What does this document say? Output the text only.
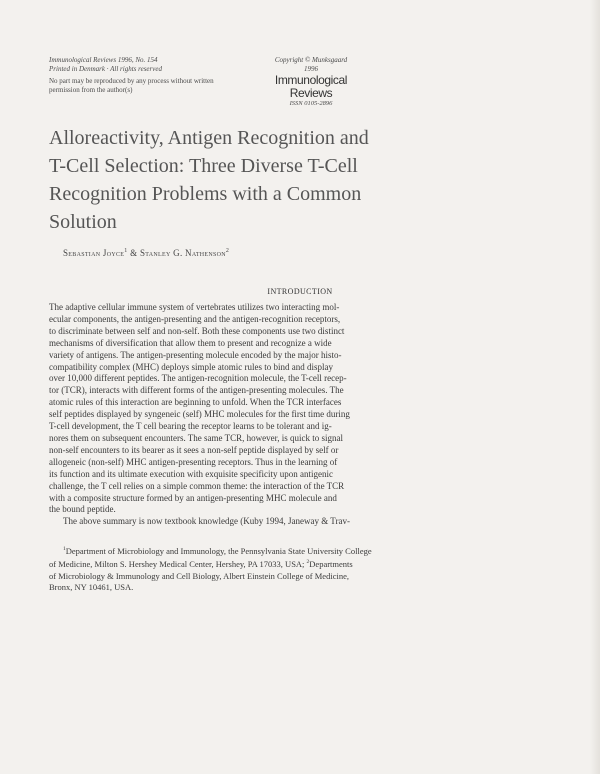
Immunological Reviews 1996, No. 154
Printed in Denmark · All rights reserved
No part may be reproduced by any process without written
permission from the author(s)
Copyright © Munksgaard 1996
Immunological Reviews
ISSN 0105-2896
Alloreactivity, Antigen Recognition and
T-Cell Selection: Three Diverse T-Cell
Recognition Problems with a Common
Solution
Sebastian Joyce$^1$ & Stanley G. Nathenson$^2$
INTRODUCTION

The adaptive cellular immune system of vertebrates utilizes two interacting mol-
ecular components, the antigen-presenting and the antigen-recognition receptors,
to discriminate between self and non-self. Both these components use two distinct
mechanisms of diversification that allow them to present and recognize a wide
variety of antigens. The antigen-presenting molecule encoded by the major histo-
compatibility complex (MHC) deploys simple atomic rules to bind and display
over 10,000 different peptides. The antigen-recognition molecule, the T-cell recep-
tor (TCR), interacts with different forms of the antigen-presenting molecules. The
atomic rules of this interaction are beginning to unfold. When the TCR interfaces
self peptides displayed by syngeneic (self) MHC molecules for the first time during
T-cell development, the T cell bearing the receptor learns to be tolerant and ig-
nores them on subsequent encounters. The same TCR, however, is quick to signal
non-self encounters to its bearer as it sees a non-self peptide displayed by self or
allogeneic (non-self) MHC antigen-presenting receptors. Thus in the learning of
its function and its ultimate execution with exquisite specificity upon antigenic
challenge, the T cell relies on a simple common theme: the interaction of the TCR
with a composite structure formed by an antigen-presenting MHC molecule and
the bound peptide.
The above summary is now textbook knowledge (Kuby 1994, Janeway & Trav-

$^1$Department of Microbiology and Immunology, the Pennsylvania State University College
of Medicine, Milton S. Hershey Medical Center, Hershey, PA 17033, USA; $^2$Departments
of Microbiology & Immunology and Cell Biology, Albert Einstein College of Medicine,
Bronx, NY 10461, USA.
